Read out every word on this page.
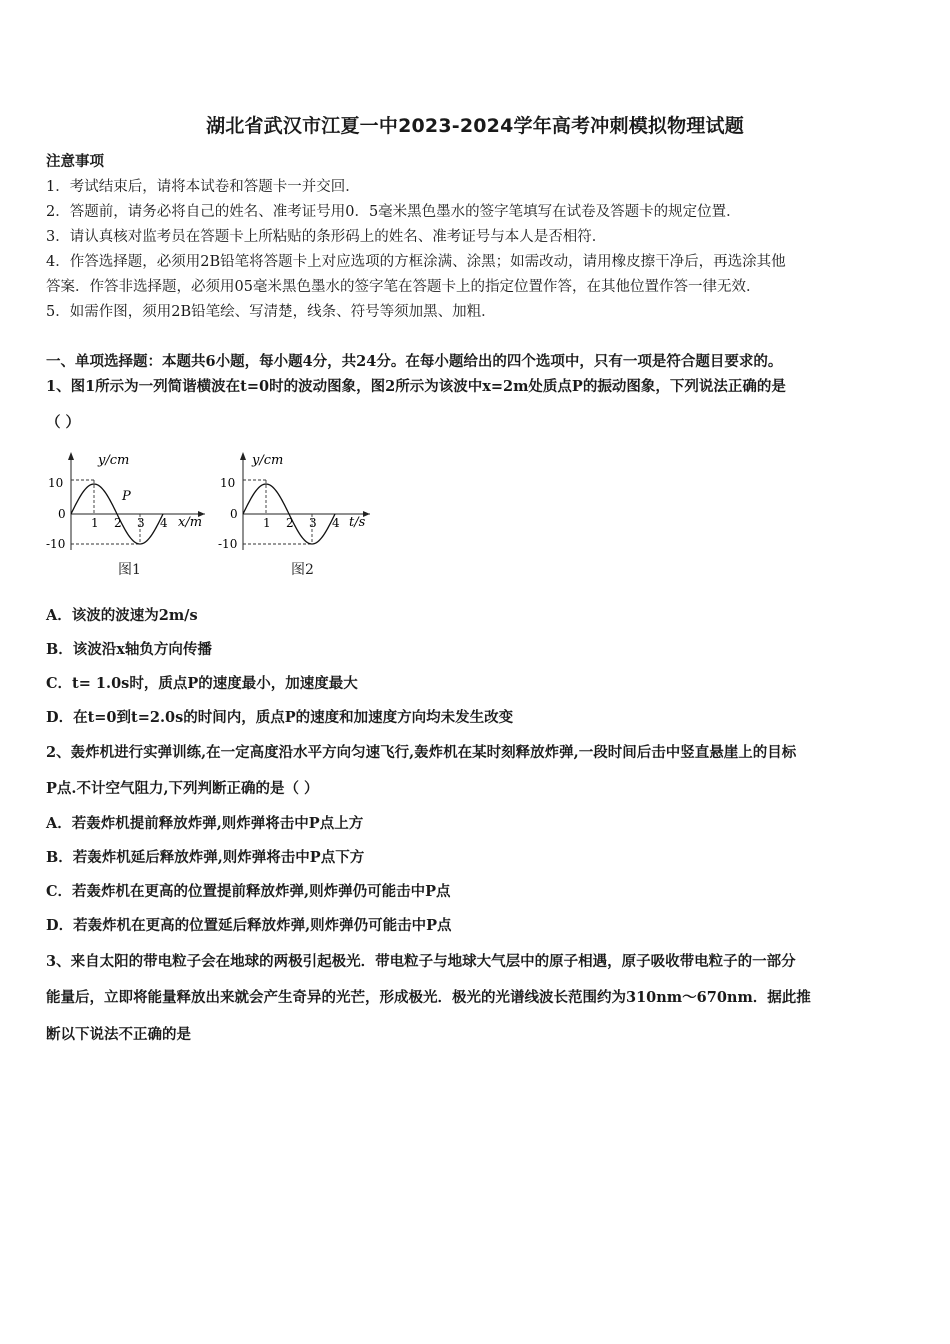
湖北省武汉市江夏一中2023-2024学年高考冲刺模拟物理试题
注意事项
1．考试结束后，请将本试卷和答题卡一并交回．
2．答题前，请务必将自己的姓名、准考证号用0．5毫米黑色墨水的签字笔填写在试卷及答题卡的规定位置．
3．请认真核对监考员在答题卡上所粘贴的条形码上的姓名、准考证号与本人是否相符．
4．作答选择题，必须用2B铅笔将答题卡上对应选项的方框涂满、涂黑；如需改动，请用橡皮擦干净后，再选涂其他
答案．作答非选择题，必须用05毫米黑色墨水的签字笔在答题卡上的指定位置作答，在其他位置作答一律无效．
5．如需作图，须用2B铅笔绘、写清楚，线条、符号等须加黑、加粗．
一、单项选择题：本题共6小题，每小题4分，共24分。在每小题给出的四个选项中，只有一项是符合题目要求的。
1、图1所示为一列简谐横波在t=0时的波动图象，图2所示为该波中x=2m处质点P的振动图象，下列说法正确的是
（ ）
y/cm
10
0
-10
1 2 3 4
P
x/m
图1
y/cm
10
0
-10
1 2 3 4 t/s
图2
A．该波的波速为2m/s
B．该波沿x轴负方向传播
C．t= 1.0s时，质点P的速度最小，加速度最大
D．在t=0到t=2.0s的时间内，质点P的速度和加速度方向均未发生改变
2、轰炸机进行实弹训练,在一定高度沿水平方向匀速飞行,轰炸机在某时刻释放炸弹,一段时间后击中竖直悬崖上的目标
P点.不计空气阻力,下列判断正确的是（ ）
A．若轰炸机提前释放炸弹,则炸弹将击中P点上方
B．若轰炸机延后释放炸弹,则炸弹将击中P点下方
C．若轰炸机在更高的位置提前释放炸弹,则炸弹仍可能击中P点
D．若轰炸机在更高的位置延后释放炸弹,则炸弹仍可能击中P点
3、来自太阳的带电粒子会在地球的两极引起极光．带电粒子与地球大气层中的原子相遇，原子吸收带电粒子的一部分
能量后，立即将能量释放出来就会产生奇异的光芒，形成极光．极光的光谱线波长范围约为310nm～670nm．据此推
断以下说法不正确的是
